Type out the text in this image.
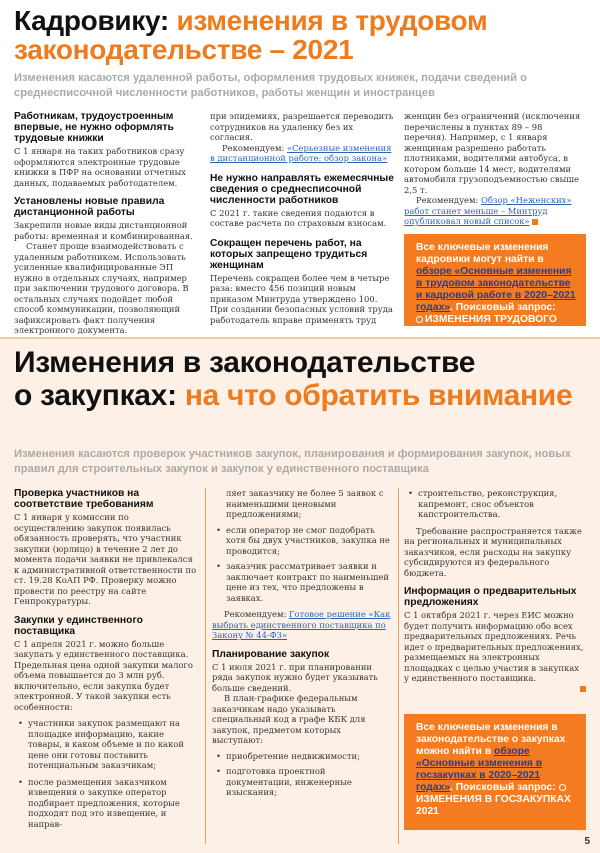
Кадровику: изменения в трудовом
законодательстве – 2021
Изменения касаются удаленной работы, оформления трудовых книжек, подачи сведений о среднесписочной численности работников, работы женщин и иностранцев
Работникам, трудоустроенным впервые, не нужно оформлять трудовые книжки

С 1 января на таких работников сразу оформляются электронные трудовые книжки в ПФР на основании отчетных данных, подаваемых работодателем.

Установлены новые правила дистанционной работы

Закрепили новые виды дистанционной работы: временная и комбинированная.

Станет проще взаимодействовать с удаленным работником. Использовать усиленные квалифицированные ЭП нужно в отдельных случаях, например при заключении трудового договора. В остальных случаях подойдет любой способ коммуникации, позволяющий зафиксировать факт получения электронного документа.

при эпидемиях, разрешается переводить сотрудников на удаленку без их согласия.

Рекомендуем: «Серьезные изменения в дистанционной работе: обзор закона»

Не нужно направлять ежемесячные сведения о среднесписочной численности работников

С 2021 г. такие сведения подаются в составе расчета по страховым взносам.

Сокращен перечень работ, на которых запрещено трудиться женщинам

Перечень сокращен более чем в четыре раза: вместо 456 позиций новым приказом Минтруда утверждено 100. При создании безопасных условий труда работодатель вправе применять труд

женщин без ограничений (исключения перечислены в пунктах 89 – 98 перечня). Например, с 1 января женщинам разрешено работать плотниками, водителями автобуса, в котором больше 14 мест, водителями автомобиля грузоподъемностью свыше 2,5 т.

Рекомендуем: Обзор «Неженских» работ станет меньше – Минтруд опубликовал новый список»

Все ключевые изменения кадровики могут найти в обзоре «Основные изменения в трудовом законодательстве и кадровой работе в 2020–2021 годах». Поисковый запрос:
ИЗМЕНЕНИЯ ТРУДОВОГО ЗАКОНОДАТЕЛЬСТВА 2021
Изменения в законодательстве
о закупках: на что обратить внимание
Изменения касаются проверок участников закупок, планирования и формирования закупок, новых правил для строительных закупок и закупок у единственного поставщика
Проверка участников на соответствие требованиям

С 1 января у комиссии по осуществлению закупок появилась обязанность проверять, что участник закупки (юрлицо) в течение 2 лет до момента подачи заявки не привлекался к административной ответственности по ст. 19.28 КоАП РФ. Проверку можно провести по реестру на сайте Генпрокуратуры.

Закупки у единственного поставщика

С 1 апреля 2021 г. можно больше закупать у единственного поставщика. Предельная цена одной закупки малого объема повышается до 3 млн руб. включительно, если закупка будет электронной. У такой закупки есть особенности:

• участники закупок размещают на площадке информацию, какие товары, в каком объеме и по какой цене они готовы поставить потенциальным заказчикам;

• после размещения заказчиком извещения о закупке оператор подбирает предложения, которые подходят под это извещение, и направ-

ляет заказчику не более 5 заявок с наименьшими ценовыми предложениями;

• если оператор не смог подобрать хотя бы двух участников, закупка не проводится;

• заказчик рассматривает заявки и заключает контракт по наименьшей цене из тех, что предложены в заявках.

Рекомендуем: Готовое решение «Как выбрать единственного поставщика по Закону № 44-ФЗ»

Планирование закупок

С 1 июля 2021 г. при планировании ряда закупок нужно будет указывать больше сведений.

В план-графике федеральным заказчикам надо указывать специальный код в графе КБК для закупок, предметом которых выступают:

• приобретение недвижимости;

• подготовка проектной документации, инженерные изыскания;

• строительство, реконструкция, капремонт, снос объектов капстроительства.

Требование распространяется также на региональных и муниципальных заказчиков, если расходы на закупку субсидируются из федерального бюджета.

Информация о предварительных предложениях

С 1 октября 2021 г. через ЕИС можно будет получить информацию обо всех предварительных предложениях. Речь идет о предварительных предложениях, размещаемых на электронных площадках с целью участия в закупках у единственного поставщика.

Все ключевые изменения в законодательстве о закупках можно найти в обзоре «Основные изменения в госзакупках в 2020–2021 годах». Поисковый запрос: ИЗМЕНЕНИЯ В ГОСЗАКУПКАХ 2021
5
